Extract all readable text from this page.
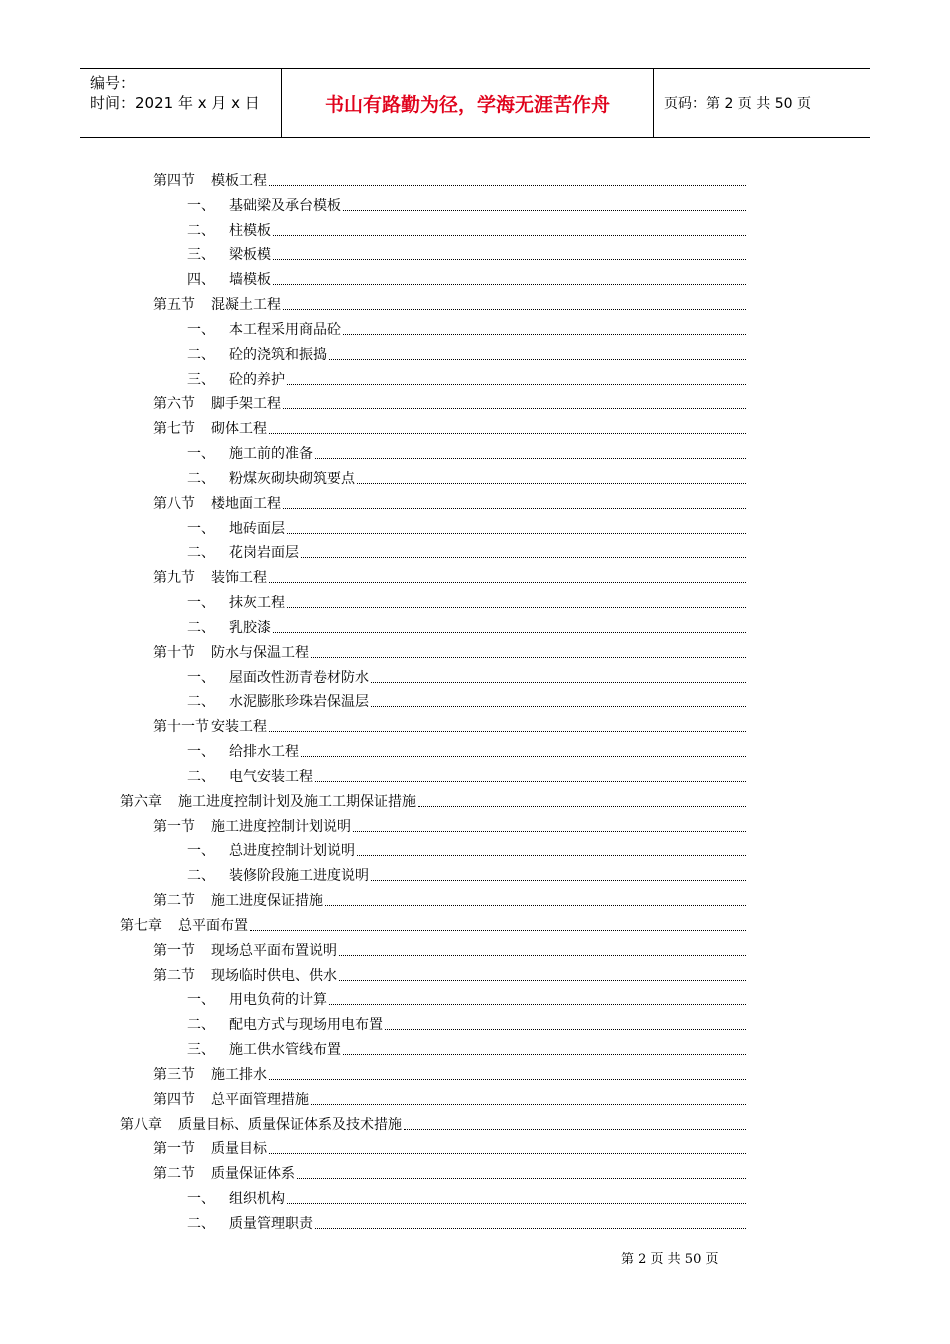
编号：
时间：2021 年 x 月 x 日	书山有路勤为径，学海无涯苦作舟	页码：第 2 页 共 50 页
第四节 模板工程
一、 基础梁及承台模板
二、 柱模板
三、 梁板模
四、 墙模板
第五节 混凝土工程
一、 本工程采用商品砼
二、 砼的浇筑和振捣
三、 砼的养护
第六节 脚手架工程
第七节 砌体工程
一、 施工前的准备
二、 粉煤灰砌块砌筑要点
第八节 楼地面工程
一、 地砖面层
二、 花岗岩面层
第九节 装饰工程
一、 抹灰工程
二、 乳胶漆
第十节 防水与保温工程
一、 屋面改性沥青卷材防水
二、 水泥膨胀珍珠岩保温层
第十一节 安装工程
一、 给排水工程
二、 电气安装工程
第六章 施工进度控制计划及施工工期保证措施
第一节 施工进度控制计划说明
一、 总进度控制计划说明
二、 装修阶段施工进度说明
第二节 施工进度保证措施
第七章 总平面布置
第一节 现场总平面布置说明
第二节 现场临时供电、供水
一、 用电负荷的计算
二、 配电方式与现场用电布置
三、 施工供水管线布置
第三节 施工排水
第四节 总平面管理措施
第八章 质量目标、质量保证体系及技术措施
第一节 质量目标
第二节 质量保证体系
一、 组织机构
二、 质量管理职责
第 2 页 共 50 页
